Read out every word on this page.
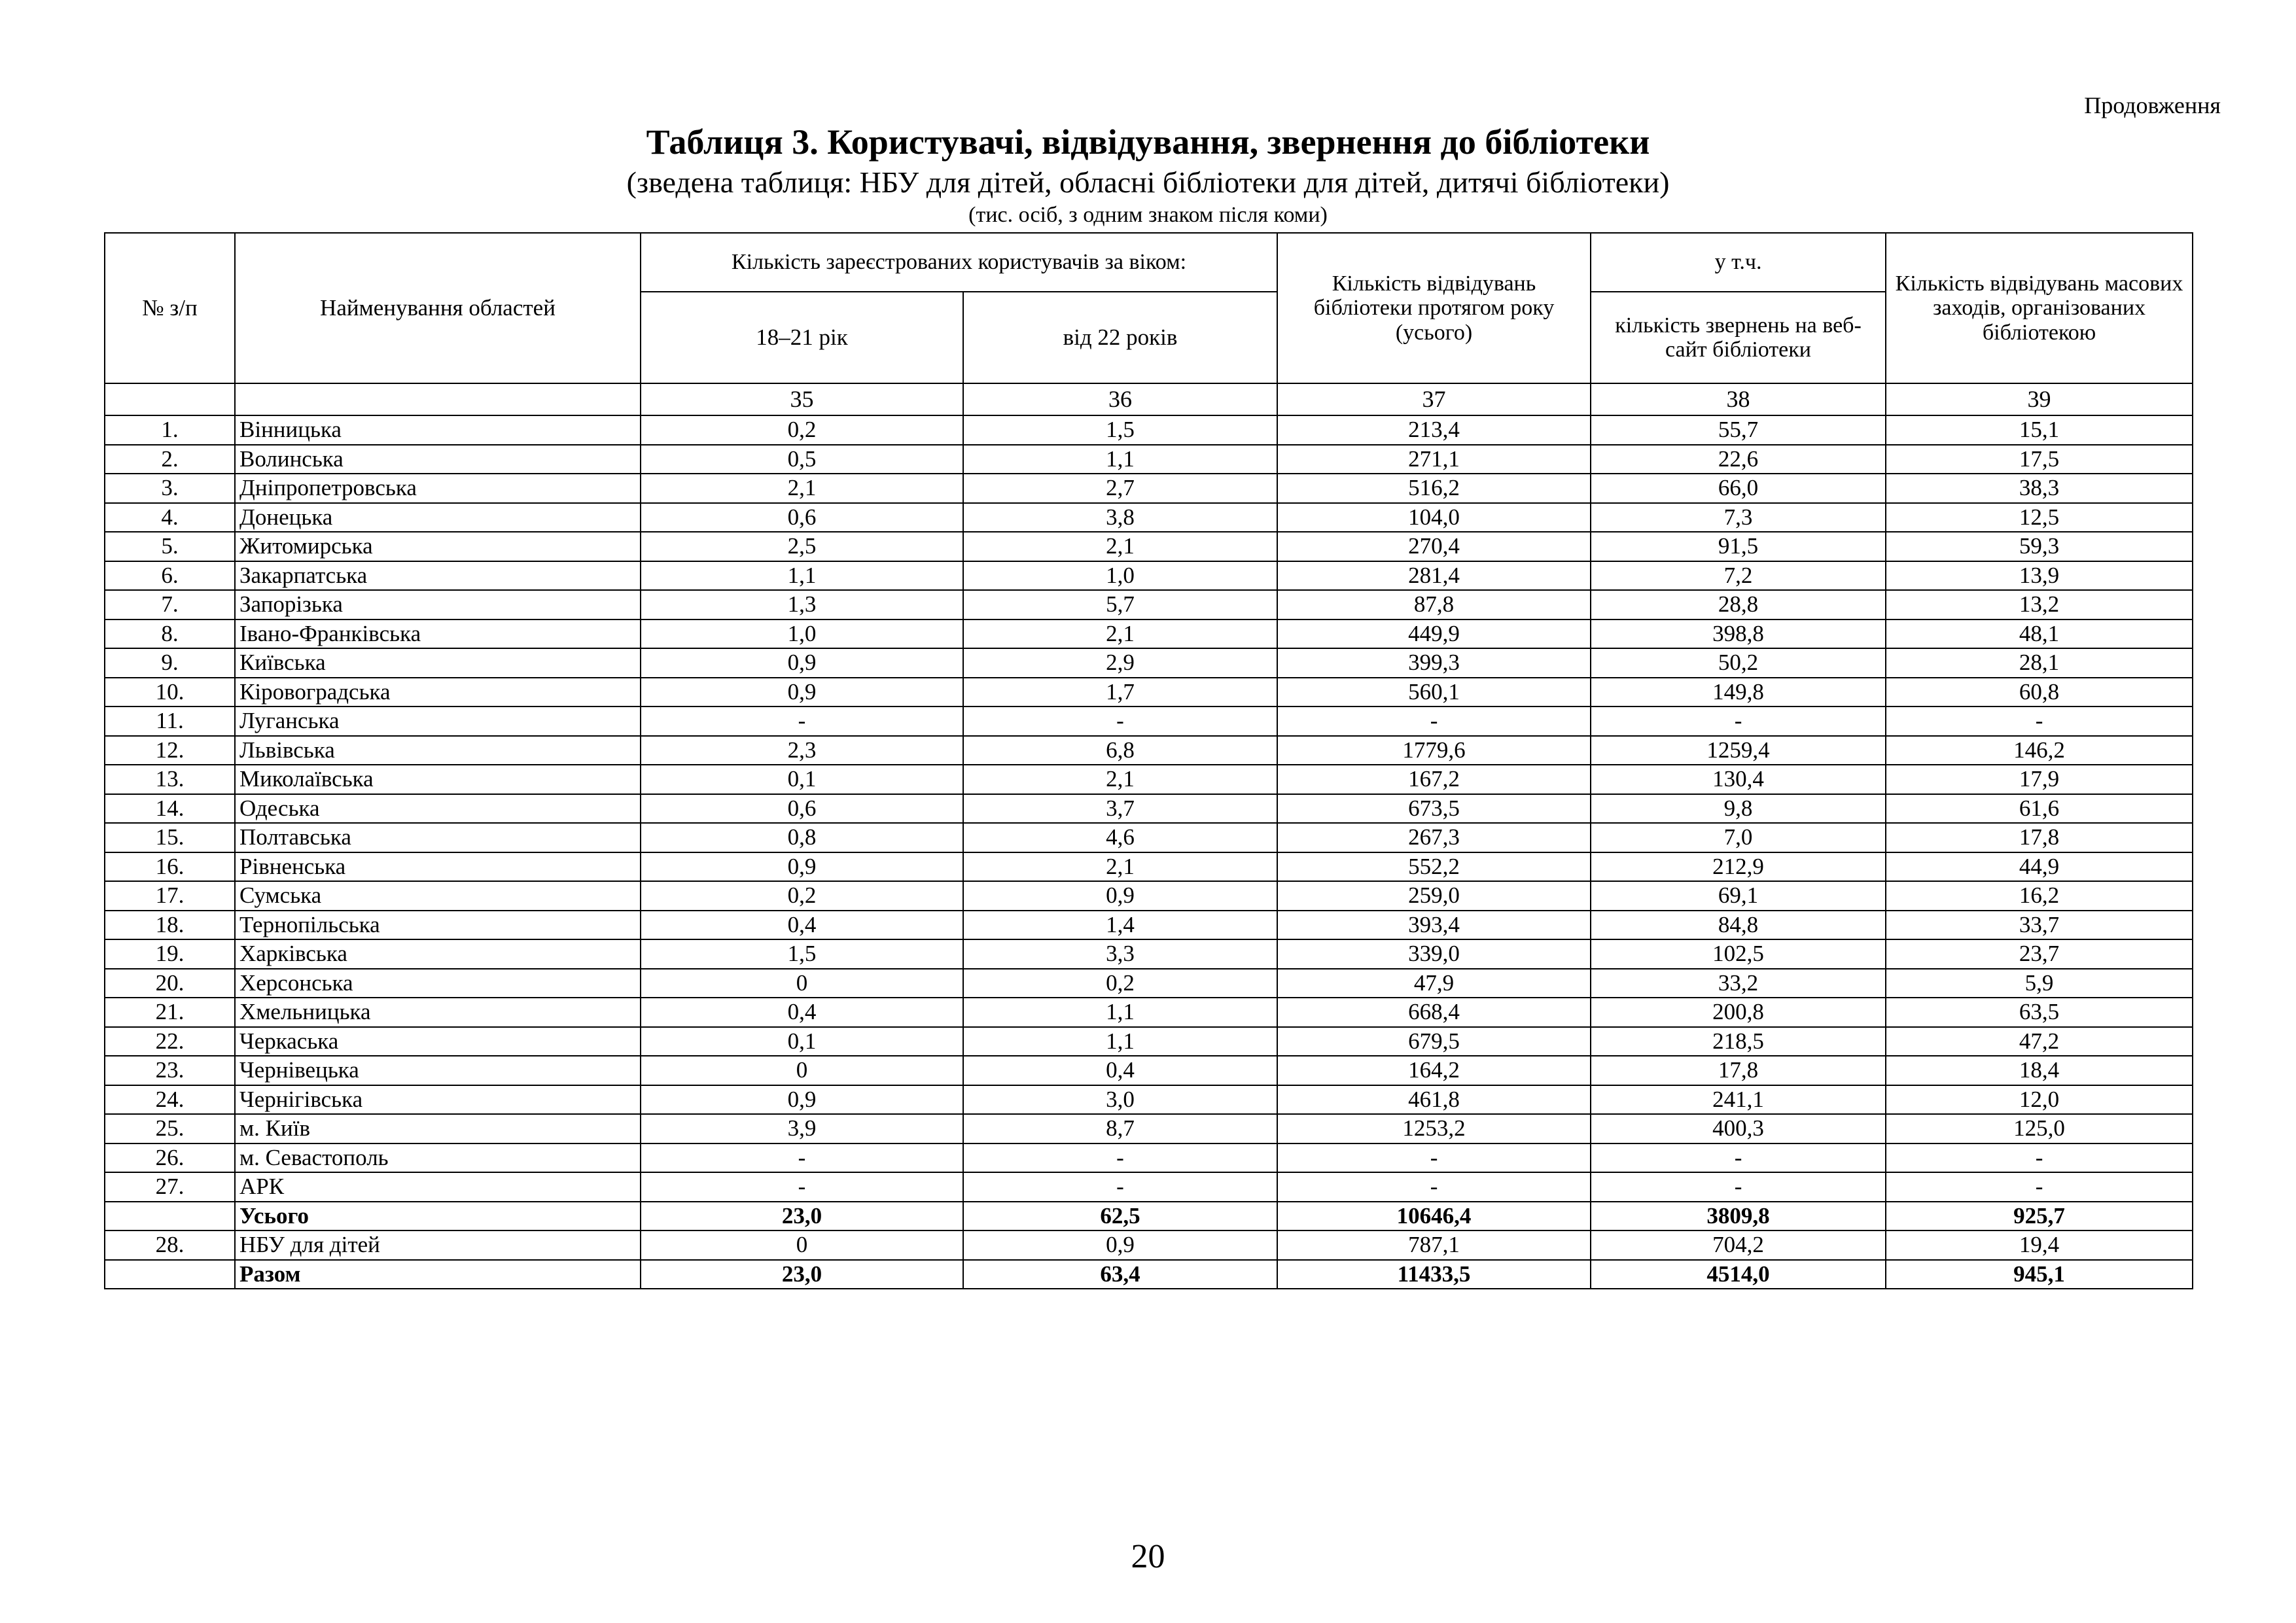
Продовження
Таблиця 3. Користувачі, відвідування, звернення до бібліотеки
(зведена таблиця: НБУ для дітей, обласні бібліотеки для дітей, дитячі бібліотеки)
(тис. осіб, з одним знаком після коми)
№ з/п	Найменування областей	Кількість зареєстрованих користувачів за віком:		Кількість відвідувань бібліотеки протягом року (усього)	у т.ч.	Кількість відвідувань масових заходів, організованих бібліотекою
		18–21 рік	від 22 років		кількість звернень на веб-сайт бібліотеки	
		35	36	37	38	39
1.	Вінницька	0,2	1,5	213,4	55,7	15,1
2.	Волинська	0,5	1,1	271,1	22,6	17,5
3.	Дніпропетровська	2,1	2,7	516,2	66,0	38,3
4.	Донецька	0,6	3,8	104,0	7,3	12,5
5.	Житомирська	2,5	2,1	270,4	91,5	59,3
6.	Закарпатська	1,1	1,0	281,4	7,2	13,9
7.	Запорізька	1,3	5,7	87,8	28,8	13,2
8.	Івано-Франківська	1,0	2,1	449,9	398,8	48,1
9.	Київська	0,9	2,9	399,3	50,2	28,1
10.	Кіровоградська	0,9	1,7	560,1	149,8	60,8
11.	Луганська	-	-	-	-	-
12.	Львівська	2,3	6,8	1779,6	1259,4	146,2
13.	Миколаївська	0,1	2,1	167,2	130,4	17,9
14.	Одеська	0,6	3,7	673,5	9,8	61,6
15.	Полтавська	0,8	4,6	267,3	7,0	17,8
16.	Рівненська	0,9	2,1	552,2	212,9	44,9
17.	Сумська	0,2	0,9	259,0	69,1	16,2
18.	Тернопільська	0,4	1,4	393,4	84,8	33,7
19.	Харківська	1,5	3,3	339,0	102,5	23,7
20.	Херсонська	0	0,2	47,9	33,2	5,9
21.	Хмельницька	0,4	1,1	668,4	200,8	63,5
22.	Черкаська	0,1	1,1	679,5	218,5	47,2
23.	Чернівецька	0	0,4	164,2	17,8	18,4
24.	Чернігівська	0,9	3,0	461,8	241,1	12,0
25.	м. Київ	3,9	8,7	1253,2	400,3	125,0
26.	м. Севастополь	-	-	-	-	-
27.	АРК	-	-	-	-	-
	Усього	23,0	62,5	10646,4	3809,8	925,7
28.	НБУ для дітей	0	0,9	787,1	704,2	19,4
	Разом	23,0	63,4	11433,5	4514,0	945,1
20
